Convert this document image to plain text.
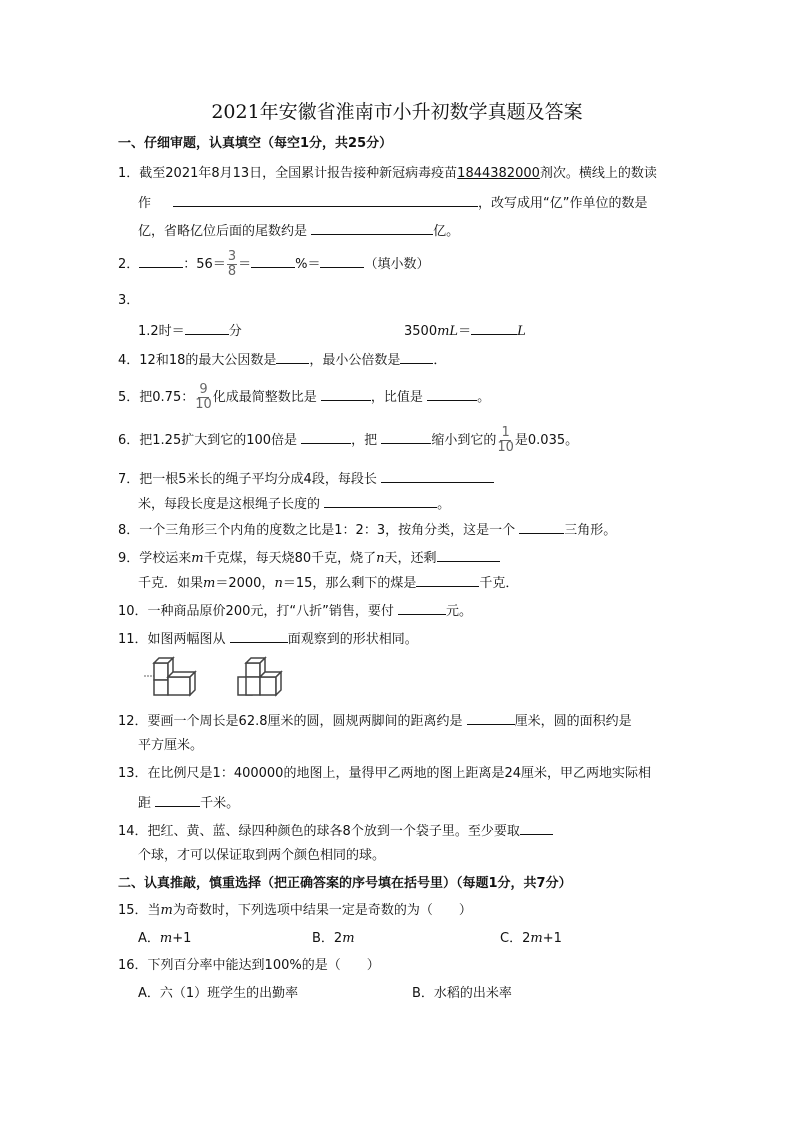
2021年安徽省淮南市小升初数学真题及答案
一、仔细审题，认真填空（每空1分，共25分）
1．截至2021年8月13日，全国累计报告接种新冠病毒疫苗1844382000剂次。横线上的数读
作	，改写成用“亿”作单位的数是
亿，省略亿位后面的尾数约是	亿。
2．	：$56= \frac{3}{8}$ ＝	%＝	（填小数）
3．
1.2时＝	分	3500mL＝	L
4．12和18的最大公因数是	，最小公倍数是	．
5．把0.75： $\frac{9}{10}$ 化成最简整数比是	，比值是	。
6．把1.25扩大到它的100倍是	，把	缩小到它的 $\frac{1}{10}$ 是0.035。
7．把一根5米长的绳子平均分成4段，每段长
米，每段长度是这根绳子长度的	。
8．一个三角形三个内角的度数之比是1：2：3，按角分类，这是一个	三角形。
9．学校运来m千克煤，每天烧80千克，烧了n天，还剩
千克．如果m＝2000，n＝15，那么剩下的煤是	千克．
10．一种商品原价200元，打“八折”销售，要付	元。
11．如图两幅图从	面观察到的形状相同。
12．要画一个周长是62.8厘米的圆，圆规两脚间的距离约是	厘米，圆的面积约是
平方厘米。
13．在比例尺是1：400000的地图上，量得甲乙两地的图上距离是24厘米，甲乙两地实际相
距	千米。
14．把红、黄、蓝、绿四种颜色的球各8个放到一个袋子里。至少要取
个球，才可以保证取到两个颜色相同的球。
二、认真推敲，慎重选择（把正确答案的序号填在括号里）（每题1分，共7分）
15．当m为奇数时，下列选项中结果一定是奇数的为（　　）
A．m+1	B．2m	C．2m+1
16．下列百分率中能达到100%的是（　　）
A．六（1）班学生的出勤率	B．水稻的出米率
